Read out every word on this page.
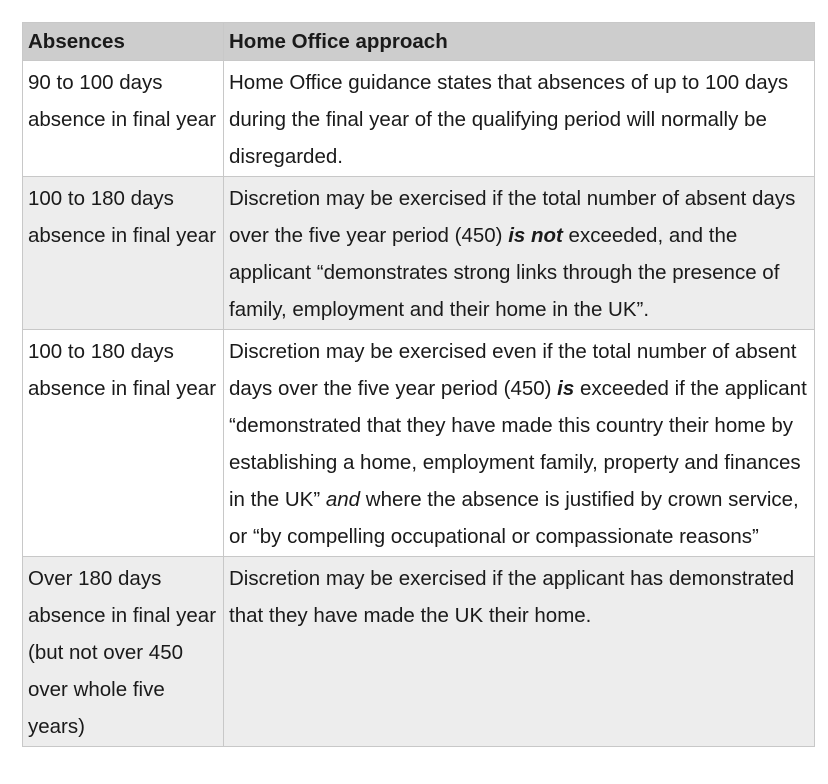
Absences	Home Office approach
90 to 100 days absence in final year	Home Office guidance states that absences of up to 100 days during the final year of the qualifying period will normally be disregarded.
100 to 180 days absence in final year	Discretion may be exercised if the total number of absent days over the five year period (450) is not exceeded, and the applicant “demonstrates strong links through the presence of family, employment and their home in the UK”.
100 to 180 days absence in final year	Discretion may be exercised even if the total number of absent days over the five year period (450) is exceeded if the applicant “demonstrated that they have made this country their home by establishing a home, employment family, property and finances in the UK” and where the absence is justified by crown service, or “by compelling occupational or compassionate reasons”
Over 180 days absence in final year (but not over 450 over whole five years)	Discretion may be exercised if the applicant has demonstrated that they have made the UK their home.
